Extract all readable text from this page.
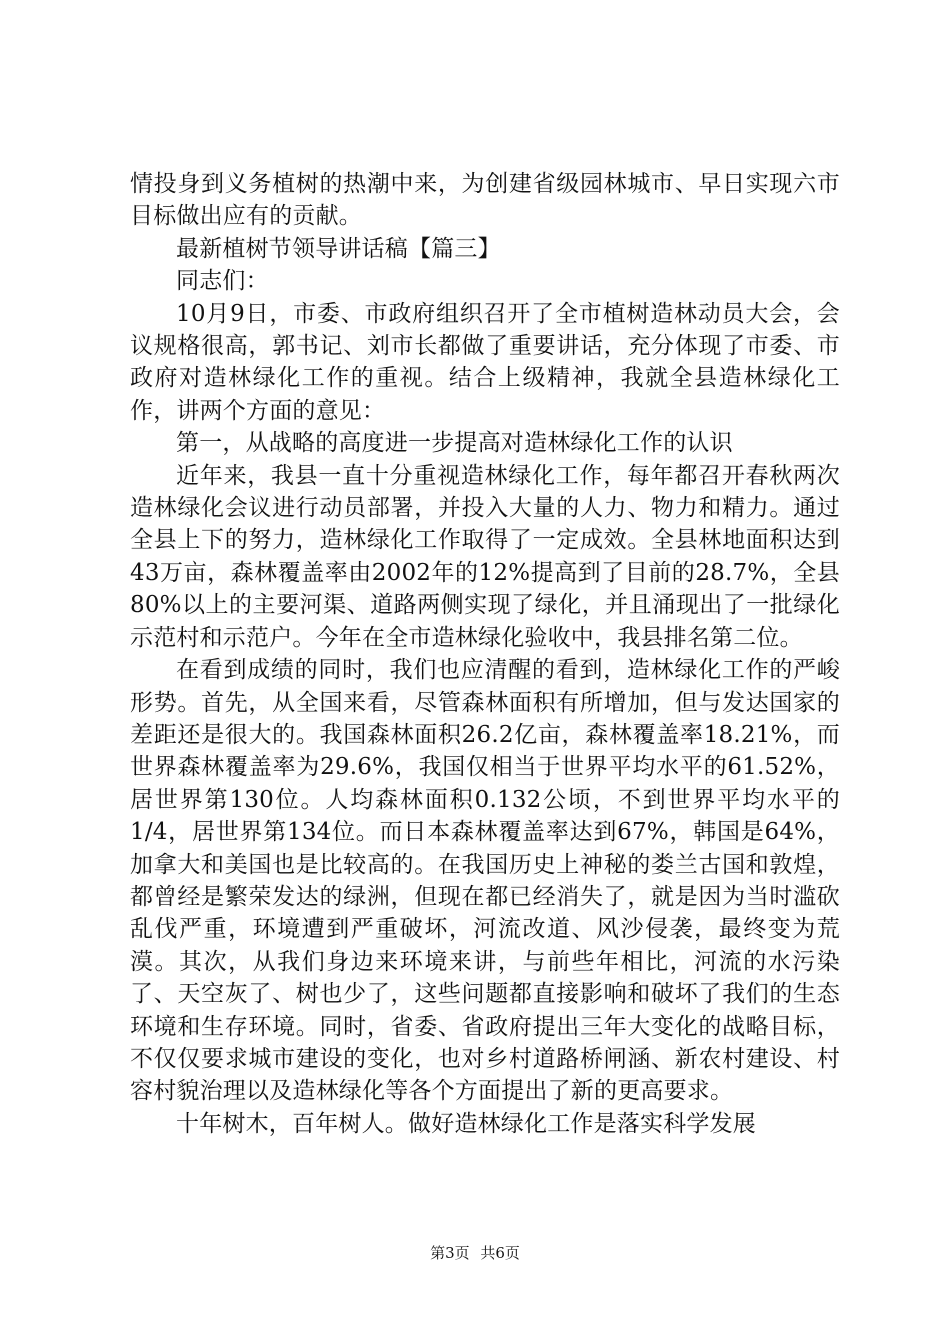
情投身到义务植树的热潮中来，为创建省级园林城市、早日实现六市目标做出应有的贡献。

最新植树节领导讲话稿【篇三】

同志们：

10月9日，市委、市政府组织召开了全市植树造林动员大会，会议规格很高，郭书记、刘市长都做了重要讲话，充分体现了市委、市政府对造林绿化工作的重视。结合上级精神，我就全县造林绿化工作，讲两个方面的意见：

第一，从战略的高度进一步提高对造林绿化工作的认识

近年来，我县一直十分重视造林绿化工作，每年都召开春秋两次造林绿化会议进行动员部署，并投入大量的人力、物力和精力。通过全县上下的努力，造林绿化工作取得了一定成效。全县林地面积达到43万亩，森林覆盖率由2002年的12%提高到了目前的28.7%，全县80%以上的主要河渠、道路两侧实现了绿化，并且涌现出了一批绿化示范村和示范户。今年在全市造林绿化验收中，我县排名第二位。

在看到成绩的同时，我们也应清醒的看到，造林绿化工作的严峻形势。首先，从全国来看，尽管森林面积有所增加，但与发达国家的差距还是很大的。我国森林面积26.2亿亩，森林覆盖率18.21%，而世界森林覆盖率为29.6%，我国仅相当于世界平均水平的61.52%，居世界第130位。人均森林面积0.132公顷，不到世界平均水平的1/4，居世界第134位。而日本森林覆盖率达到67%，韩国是64%，加拿大和美国也是比较高的。在我国历史上神秘的娄兰古国和敦煌，都曾经是繁荣发达的绿洲，但现在都已经消失了，就是因为当时滥砍乱伐严重，环境遭到严重破坏，河流改道、风沙侵袭，最终变为荒漠。其次，从我们身边来环境来讲，与前些年相比，河流的水污染了、天空灰了、树也少了，这些问题都直接影响和破坏了我们的生态环境和生存环境。同时，省委、省政府提出三年大变化的战略目标，不仅仅要求城市建设的变化，也对乡村道路桥闸涵、新农村建设、村容村貌治理以及造林绿化等各个方面提出了新的更高要求。

十年树木，百年树人。做好造林绿化工作是落实科学发展

第3页 共6页
